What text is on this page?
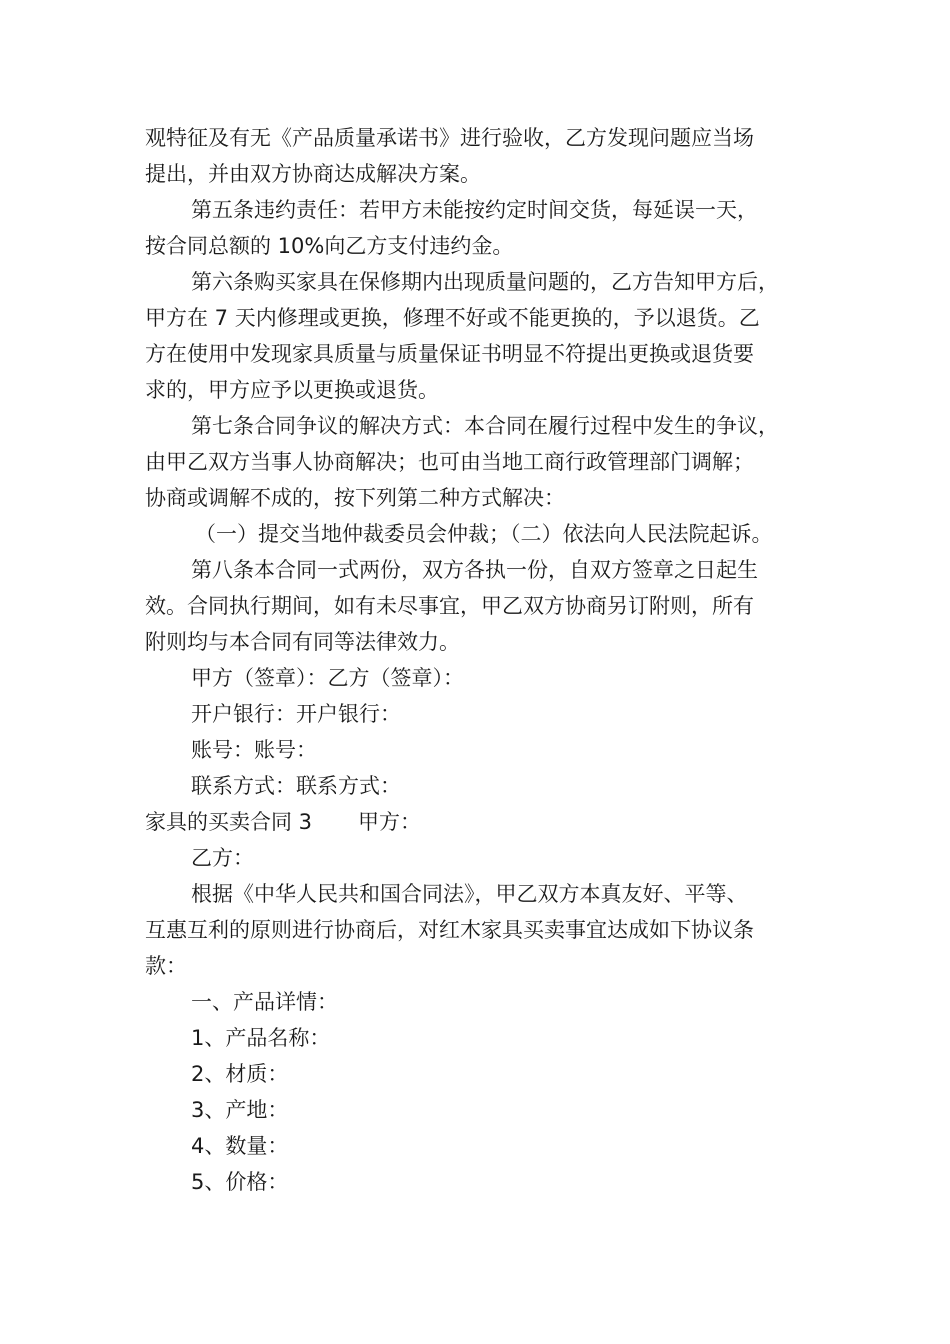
观特征及有无《产品质量承诺书》进行验收，乙方发现问题应当场
提出，并由双方协商达成解决方案。
第五条违约责任：若甲方未能按约定时间交货，每延误一天，
按合同总额的 10%向乙方支付违约金。
第六条购买家具在保修期内出现质量问题的，乙方告知甲方后，
甲方在 7 天内修理或更换，修理不好或不能更换的，予以退货。乙
方在使用中发现家具质量与质量保证书明显不符提出更换或退货要
求的，甲方应予以更换或退货。
第七条合同争议的解决方式：本合同在履行过程中发生的争议，
由甲乙双方当事人协商解决；也可由当地工商行政管理部门调解；
协商或调解不成的，按下列第二种方式解决：
（一）提交当地仲裁委员会仲裁；（二）依法向人民法院起诉。
第八条本合同一式两份，双方各执一份，自双方签章之日起生
效。合同执行期间，如有未尽事宜，甲乙双方协商另订附则，所有
附则均与本合同有同等法律效力。
甲方（签章）：乙方（签章）：
开户银行：开户银行：
账号：账号：
联系方式：联系方式：
家具的买卖合同 3 甲方：
乙方：
根据《中华人民共和国合同法》，甲乙双方本真友好、平等、
互惠互利的原则进行协商后，对红木家具买卖事宜达成如下协议条
款：
一、产品详情：
1、产品名称：
2、材质：
3、产地：
4、数量：
5、价格：
